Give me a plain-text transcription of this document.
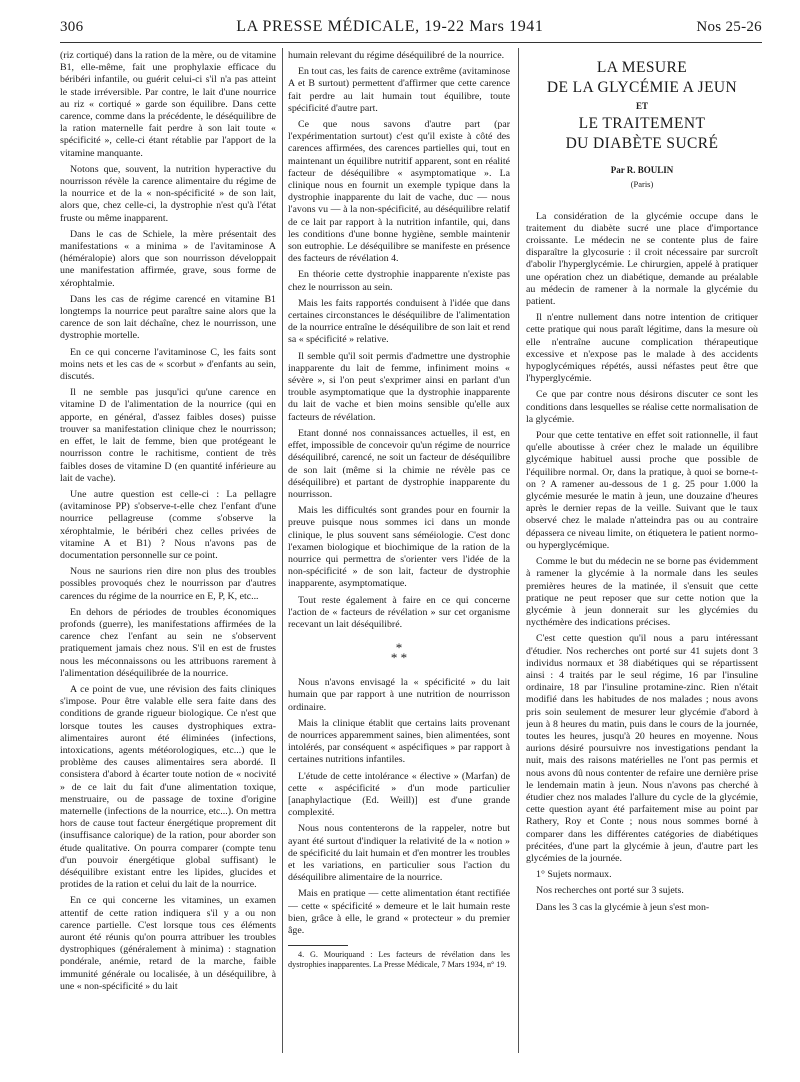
306	LA PRESSE MÉDICALE, 19-22 Mars 1941	Nos 25-26

(riz cortiqué) dans la ration de la mère, ou de vitamine B1, elle-même, fait une prophylaxie efficace du béribéri infantile, ou guérit celui-ci s'il n'a pas atteint le stade irréversible. Par contre, le lait d'une nourrice au riz « cortiqué » garde son équilibre. Dans cette carence, comme dans la précédente, le déséquilibre de la ration maternelle fait perdre à son lait toute « spécificité », celle-ci étant rétablie par l'apport de la vitamine manquante.

Notons que, souvent, la nutrition hyperactive du nourrisson révèle la carence alimentaire du régime de la nourrice et de la « non-spécificité » de son lait, alors que, chez celle-ci, la dystrophie n'est qu'à l'état fruste ou même inapparent.

Dans le cas de Schiele, la mère présentait des manifestations « a minima » de l'avitaminose A (héméralopie) alors que son nourrisson développait une manifestation affirmée, grave, sous forme de xérophtalmie.

Dans les cas de régime carencé en vitamine B1 longtemps la nourrice peut paraître saine alors que la carence de son lait déchaîne, chez le nourrisson, une dystrophie mortelle.

En ce qui concerne l'avitaminose C, les faits sont moins nets et les cas de « scorbut » d'enfants au sein, discutés.

Il ne semble pas jusqu'ici qu'une carence en vitamine D de l'alimentation de la nourrice (qui en apporte, en général, d'assez faibles doses) puisse trouver sa manifestation clinique chez le nourrisson; en effet, le lait de femme, bien que protégeant le nourrisson contre le rachitisme, contient de très faibles doses de vitamine D (en quantité inférieure au lait de vache).

Une autre question est celle-ci : La pellagre (avitaminose PP) s'observe-t-elle chez l'enfant d'une nourrice pellagreuse (comme s'observe la xérophtalmie, le béribéri chez celles privées de vitamine A et B1) ? Nous n'avons pas de documentation personnelle sur ce point.

Nous ne saurions rien dire non plus des troubles possibles provoqués chez le nourrisson par d'autres carences du régime de la nourrice en E, P, K, etc...

En dehors de périodes de troubles économiques profonds (guerre), les manifestations affirmées de la carence chez l'enfant au sein ne s'observent pratiquement jamais chez nous. S'il en est de frustes nous les méconnaissons ou les attribuons rarement à l'alimentation déséquilibrée de la nourrice.

A ce point de vue, une révision des faits cliniques s'impose. Pour être valable elle sera faite dans des conditions de grande rigueur biologique. Ce n'est que lorsque toutes les causes dystrophiques extra-alimentaires auront été éliminées (infections, intoxications, agents météorologiques, etc...) que le problème des causes alimentaires sera abordé. Il consistera d'abord à écarter toute notion de « nocivité » de ce lait du fait d'une alimentation toxique, menstruaire, ou de passage de toxine d'origine maternelle (infections de la nourrice, etc...). On mettra hors de cause tout facteur énergétique proprement dit (insuffisance calorique) de la ration, pour aborder son étude qualitative. On pourra comparer (compte tenu d'un pouvoir énergétique global suffisant) le déséquilibre existant entre les lipides, glucides et protides de la ration et celui du lait de la nourrice.

En ce qui concerne les vitamines, un examen attentif de cette ration indiquera s'il y a ou non carence partielle. C'est lorsque tous ces éléments auront été réunis qu'on pourra attribuer les troubles dystrophiques (généralement à minima) : stagnation pondérale, anémie, retard de la marche, faible immunité générale ou localisée, à un déséquilibre, à une « non-spécificité » du lait

humain relevant du régime déséquilibré de la nourrice.

En tout cas, les faits de carence extrême (avitaminose A et B surtout) permettent d'affirmer que cette carence fait perdre au lait humain tout équilibre, toute spécificité d'autre part.

Ce que nous savons d'autre part (par l'expérimentation surtout) c'est qu'il existe à côté des carences affirmées, des carences partielles qui, tout en maintenant un équilibre nutritif apparent, sont en réalité facteur de déséquilibre « asymptomatique ». La clinique nous en fournit un exemple typique dans la dystrophie inapparente du lait de vache, duc — nous l'avons vu — à la non-spécificité, au déséquilibre relatif de ce lait par rapport à la nutrition infantile, qui, dans les conditions d'une bonne hygiène, semble maintenir son eutrophie. Le déséquilibre se manifeste en présence des facteurs de révélation 4.

En théorie cette dystrophie inapparente n'existe pas chez le nourrisson au sein.

Mais les faits rapportés conduisent à l'idée que dans certaines circonstances le déséquilibre de l'alimentation de la nourrice entraîne le déséquilibre de son lait et rend sa « spécificité » relative.

Il semble qu'il soit permis d'admettre une dystrophie inapparente du lait de femme, infiniment moins « sévère », si l'on peut s'exprimer ainsi en parlant d'un trouble asymptomatique que la dystrophie inapparente du lait de vache et bien moins sensible qu'elle aux facteurs de révélation.

Etant donné nos connaissances actuelles, il est, en effet, impossible de concevoir qu'un régime de nourrice déséquilibré, carencé, ne soit un facteur de déséquilibre de son lait (même si la chimie ne révèle pas ce déséquilibre) et partant de dystrophie inapparente du nourrisson.

Mais les difficultés sont grandes pour en fournir la preuve puisque nous sommes ici dans un monde clinique, le plus souvent sans séméiologie. C'est donc l'examen biologique et biochimique de la ration de la nourrice qui permettra de s'orienter vers l'idée de la non-spécificité » de son lait, facteur de dystrophie inapparente, asymptomatique.

Tout reste également à faire en ce qui concerne l'action de « facteurs de révélation » sur cet organisme recevant un lait déséquilibré.

*
* *

Nous n'avons envisagé la « spécificité » du lait humain que par rapport à une nutrition de nourrisson ordinaire.

Mais la clinique établit que certains laits provenant de nourrices apparemment saines, bien alimentées, sont intolérés, par conséquent « aspécifiques » par rapport à certaines nutritions infantiles.

L'étude de cette intolérance « élective » (Marfan) de cette « aspécificité » d'un mode particulier [anaphylactique (Ed. Weill)] est d'une grande complexité.

Nous nous contenterons de la rappeler, notre but ayant été surtout d'indiquer la relativité de la « notion » de spécificité du lait humain et d'en montrer les troubles et les variations, en particulier sous l'action du déséquilibre alimentaire de la nourrice.

Mais en pratique — cette alimentation étant rectifiée — cette « spécificité » demeure et le lait humain reste bien, grâce à elle, le grand « protecteur » du premier âge.

4. G. Mouriquand : Les facteurs de révélation dans les dystrophies inapparentes. La Presse Médicale, 7 Mars 1934, n° 19.

LA MESURE
DE LA GLYCÉMIE A JEUN
ET
LE TRAITEMENT
DU DIABÈTE SUCRÉ
Par R. BOULIN
(Paris)

La considération de la glycémie occupe dans le traitement du diabète sucré une place d'importance croissante. Le médecin ne se contente plus de faire disparaître la glycosurie : il croit nécessaire par surcroît d'abolir l'hyperglycémie. Le chirurgien, appelé à pratiquer une opération chez un diabétique, demande au préalable au médecin de ramener à la normale la glycémie du patient.

Il n'entre nullement dans notre intention de critiquer cette pratique qui nous paraît légitime, dans la mesure où elle n'entraîne aucune complication thérapeutique excessive et n'expose pas le malade à des accidents hypoglycémiques répétés, aussi néfastes peut être que l'hyperglycémie.

Ce que par contre nous désirons discuter ce sont les conditions dans lesquelles se réalise cette normalisation de la glycémie.

Pour que cette tentative en effet soit rationnelle, il faut qu'elle aboutisse à créer chez le malade un équilibre glycémique habituel aussi proche que possible de l'équilibre normal. Or, dans la pratique, à quoi se borne-t-on ? A ramener au-dessous de 1 g. 25 pour 1.000 la glycémie mesurée le matin à jeun, une douzaine d'heures après le dernier repas de la veille. Suivant que le taux observé chez le malade n'atteindra pas ou au contraire dépassera ce niveau limite, on étiquetera le patient normo- ou hyperglycémique.

Comme le but du médecin ne se borne pas évidemment à ramener la glycémie à la normale dans les seules premières heures de la matinée, il s'ensuit que cette pratique ne peut reposer que sur cette notion que la glycémie à jeun donnerait sur les glycémies du nycthémère des indications précises.

C'est cette question qu'il nous a paru intéressant d'étudier. Nos recherches ont porté sur 41 sujets dont 3 individus normaux et 38 diabétiques qui se répartissent ainsi : 4 traités par le seul régime, 16 par l'insuline ordinaire, 18 par l'insuline protamine-zinc. Rien n'était modifié dans les habitudes de nos malades ; nous avons pris soin seulement de mesurer leur glycémie d'abord à jeun à 8 heures du matin, puis dans le cours de la journée, toutes les heures, jusqu'à 20 heures en moyenne. Nous aurions désiré poursuivre nos investigations pendant la nuit, mais des raisons matérielles ne l'ont pas permis et nous avons dû nous contenter de refaire une dernière prise le lendemain matin à jeun. Nous n'avons pas cherché à étudier chez nos malades l'allure du cycle de la glycémie, cette question ayant été parfaitement mise au point par Rathery, Roy et Conte ; nous nous sommes borné à comparer dans les différentes catégories de diabétiques précitées, d'une part la glycémie à jeun, d'autre part les glycémies de la journée.

1° Sujets normaux.

Nos recherches ont porté sur 3 sujets.

Dans les 3 cas la glycémie à jeun s'est mon-
